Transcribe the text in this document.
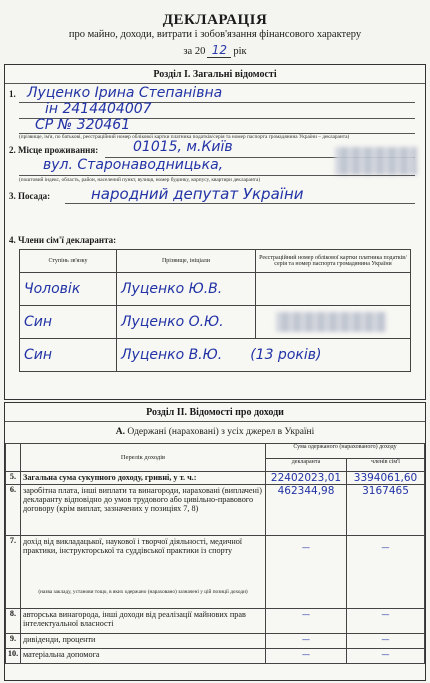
ДЕКЛАРАЦІЯ
про майно, доходи, витрати і зобов'язання фінансового характеру
за 20 12 рік
Розділ І. Загальні відомості
1. Луценко Ірина Степанівна
ін 2414404007
СР № 320461
(прізвище, ім'я, по батькові, реєстраційний номер облікової картки платника податків/серія та номер паспорта громадянина України – декларанта)
2. Місце проживання: 01015, м.Київ
вул. Старонаводницька,
(поштовий індекс, область, район, населений пункт, вулиця, номер будинку, корпусу, квартири декларанта)
3. Посада:	народний депутат України
4. Члени сім'ї декларанта:
Ступінь зв'язку	Прізвище, ініціали	Реєстраційний номер облікової картки платника податків/ серія та номер паспорта громадянина України
Чоловік	Луценко Ю.В.	
Син	Луценко О.Ю.	

Син	Луценко В.Ю. (13 років)	
Розділ ІІ. Відомості про доходи
А. Одержані (нараховані) з усіх джерел в Україні
	Перелік доходів	Сума одержаного (нарахованого) доходу	
		декларанта	членів сім'ї
5.	Загальна сума сукупного доходу, гривні, у т. ч.:	22402023,01	3394061,60
6.	заробітна плата, інші виплати та винагороди, нараховані (виплачені) декларанту відповідно до умов трудового або цивільно-правового договору (крім виплат, зазначених у позиціях 7, 8)	462344,98	3167465
7.	дохід від викладацької, наукової і творчої діяльності, медичної практики, інструкторської та суддівської практики із спорту
(назва закладу, установи тощо, в яких одержано (нараховано) зазначені у цій позиції доходи)	—	—
8.	авторська винагорода, інші доходи від реалізації майнових прав інтелектуальної власності	—	—
9.	дивіденди, проценти	—	—
10.	матеріальна допомога	—	—
